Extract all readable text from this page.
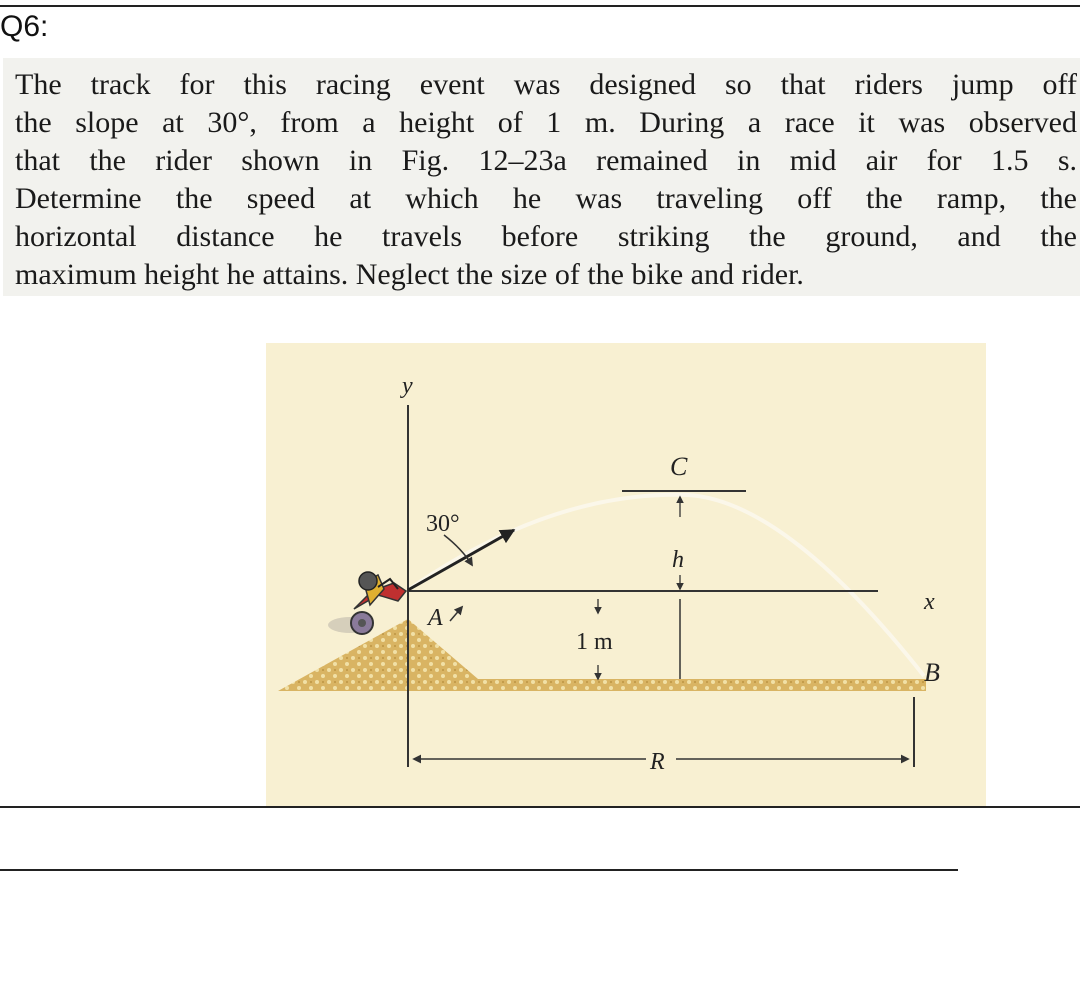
Q6:
The track for this racing event was designed so that riders jump off
the slope at 30°, from a height of 1 m. During a race it was observed
that the rider shown in Fig. 12–23a remained in mid air for 1.5 s.
Determine the speed at which he was traveling off the ramp, the
horizontal distance he travels before striking the ground, and the
maximum height he attains. Neglect the size of the bike and rider.
y
x
30°
A
C
h
1 m
B
R
